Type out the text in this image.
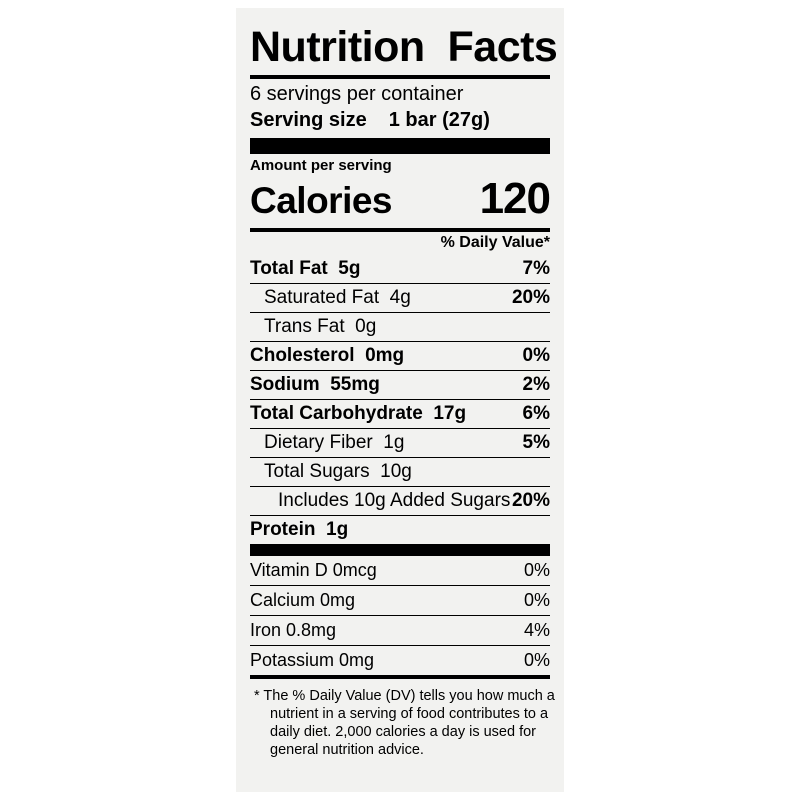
Nutrition  Facts
6 servings per container
Serving size 1 bar (27g)
Amount per serving
Calories 120
% Daily Value*
Total Fat  5g	7%
Saturated Fat  4g	20%
Trans Fat  0g
Cholesterol  0mg	0%
Sodium  55mg	2%
Total Carbohydrate  17g	6%
Dietary Fiber  1g	5%
Total Sugars  10g
Includes 10g Added Sugars 20%
Protein  1g
Vitamin D 0mcg	0%
Calcium 0mg	0%
Iron 0.8mg	4%
Potassium 0mg	0%
* The % Daily Value (DV) tells you how much a
nutrient in a serving of food contributes to a
daily diet. 2,000 calories a day is used for
general nutrition advice.
